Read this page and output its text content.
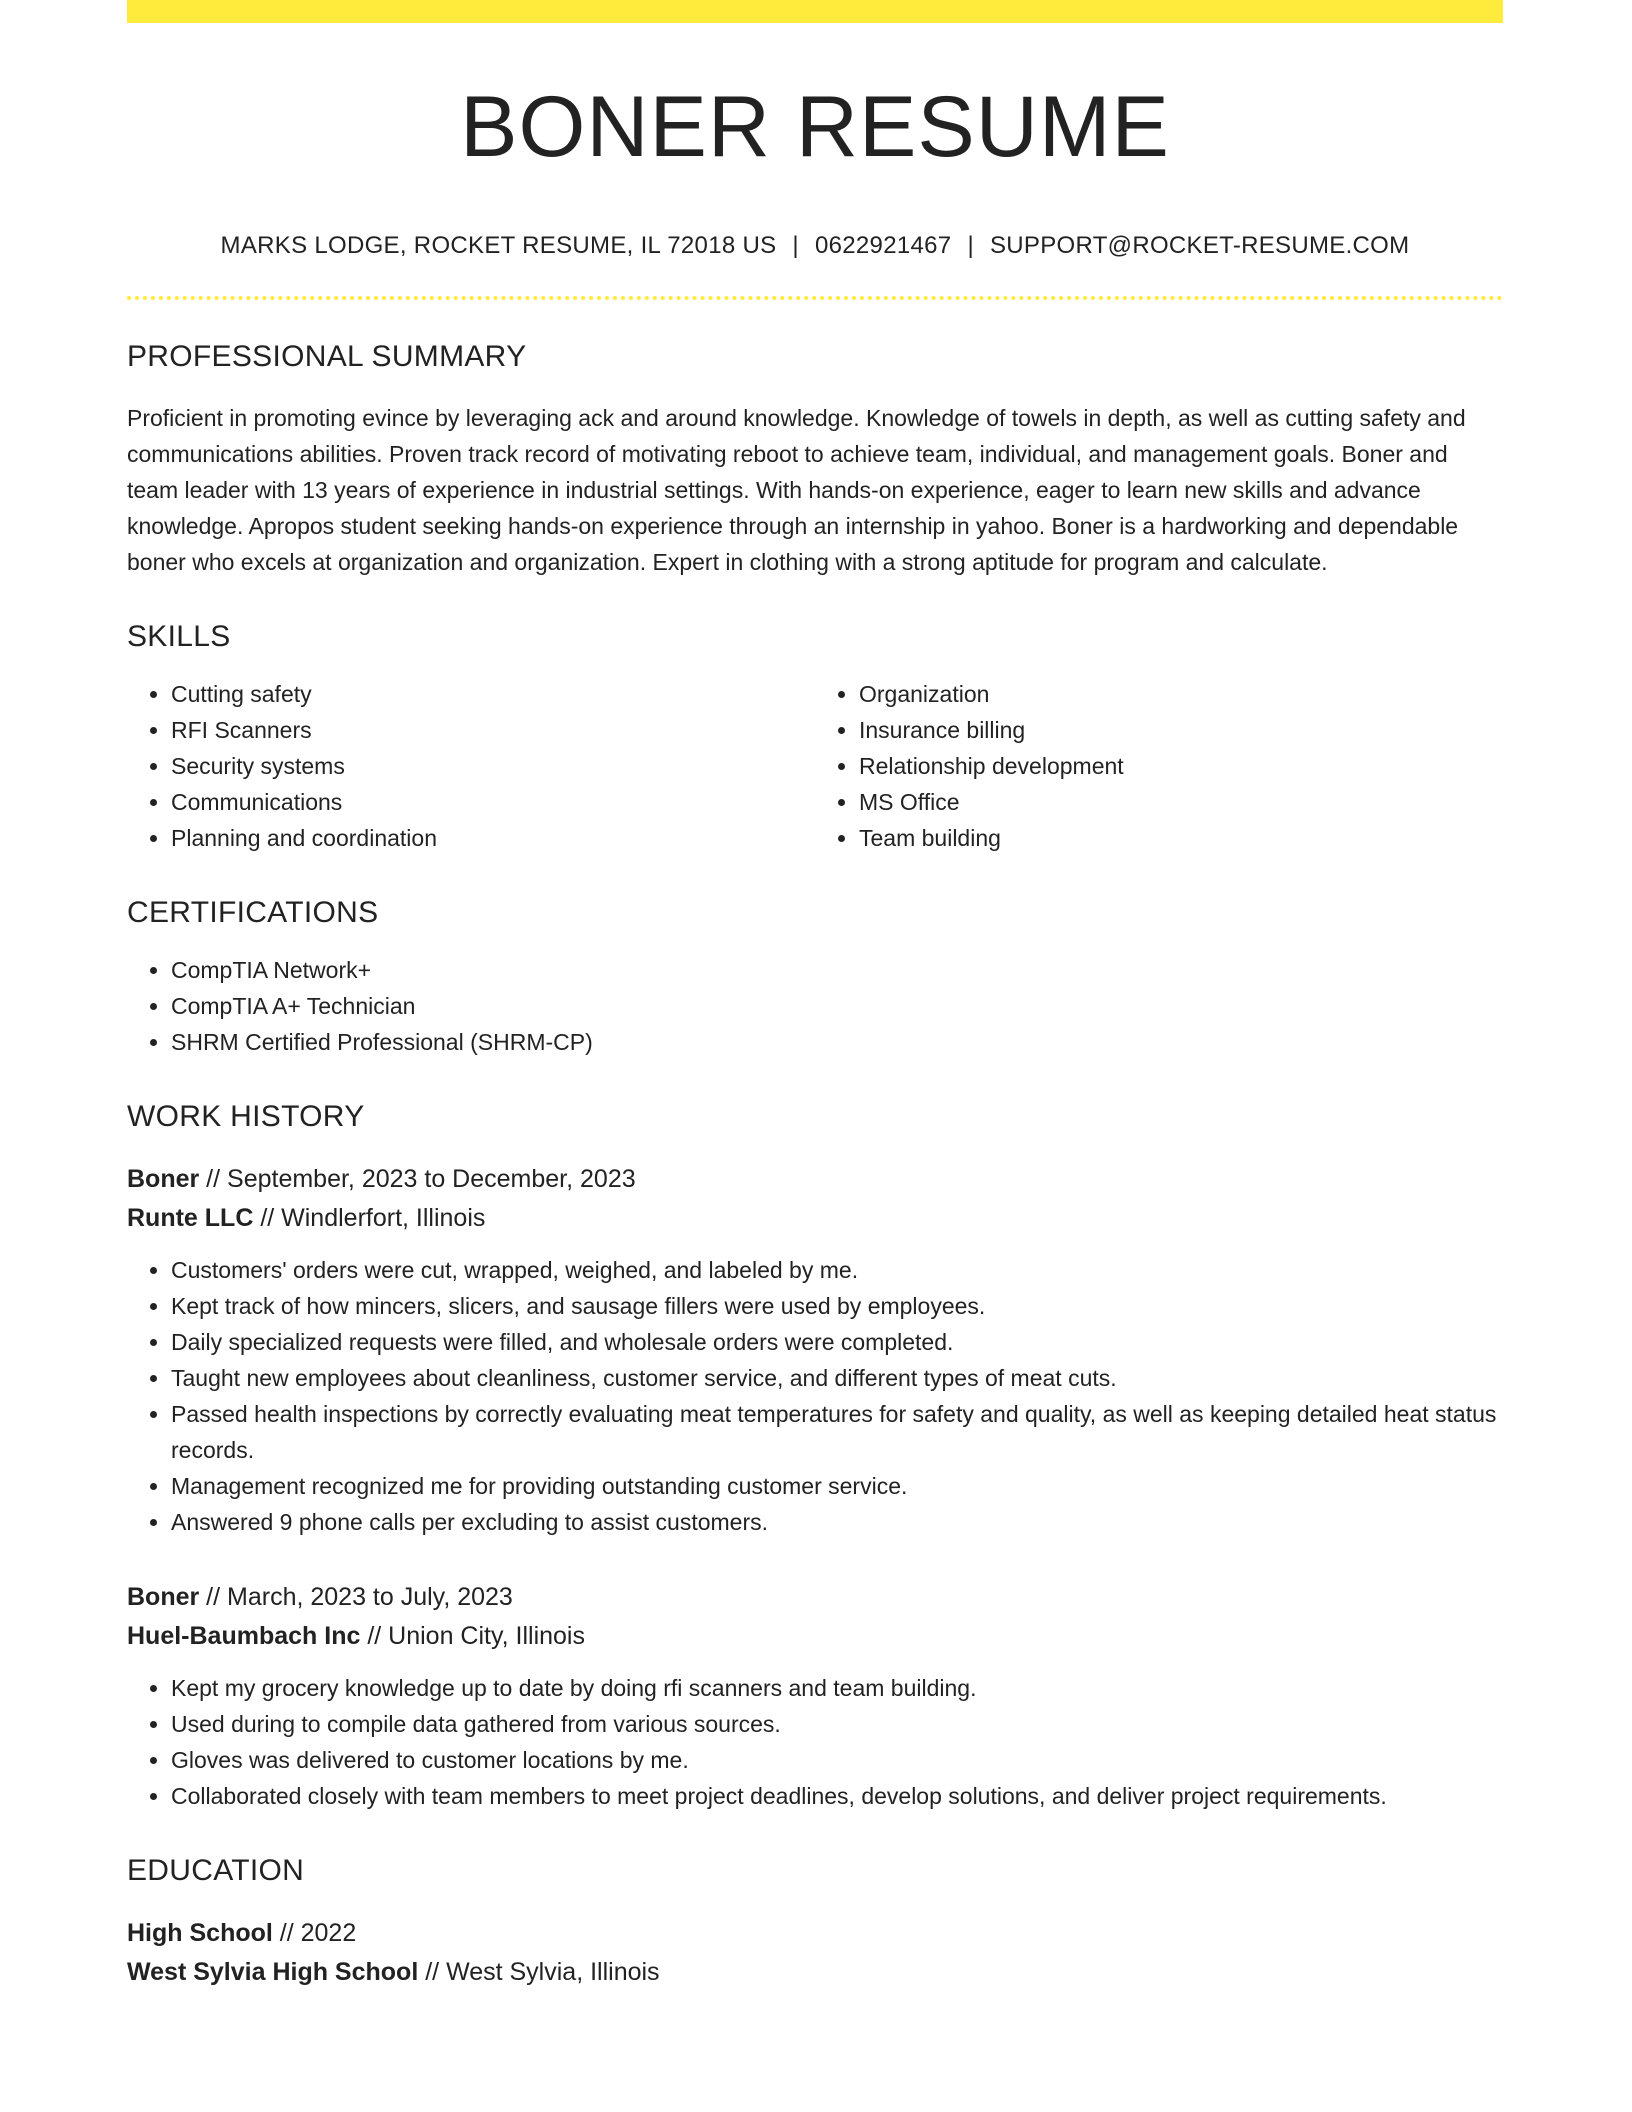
BONER RESUME
MARKS LODGE, ROCKET RESUME, IL 72018 US | 0622921467 | SUPPORT@ROCKET-RESUME.COM
PROFESSIONAL SUMMARY

Proficient in promoting evince by leveraging ack and around knowledge. Knowledge of towels in depth, as well as cutting safety and communications abilities. Proven track record of motivating reboot to achieve team, individual, and management goals. Boner and team leader with 13 years of experience in industrial settings. With hands-on experience, eager to learn new skills and advance knowledge. Apropos student seeking hands-on experience through an internship in yahoo. Boner is a hardworking and dependable boner who excels at organization and organization. Expert in clothing with a strong aptitude for program and calculate.

SKILLS
• Cutting safety
• RFI Scanners
• Security systems
• Communications
• Planning and coordination
• Organization
• Insurance billing
• Relationship development
• MS Office
• Team building
CERTIFICATIONS
• CompTIA Network+
• CompTIA A+ Technician
• SHRM Certified Professional (SHRM-CP)
WORK HISTORY

Boner // September, 2023 to December, 2023

Runte LLC // Windlerfort, Illinois

• Customers' orders were cut, wrapped, weighed, and labeled by me.
• Kept track of how mincers, slicers, and sausage fillers were used by employees.
• Daily specialized requests were filled, and wholesale orders were completed.
• Taught new employees about cleanliness, customer service, and different types of meat cuts.
• Passed health inspections by correctly evaluating meat temperatures for safety and quality, as well as keeping detailed heat status records.
• Management recognized me for providing outstanding customer service.
• Answered 9 phone calls per excluding to assist customers.

Boner // March, 2023 to July, 2023

Huel-Baumbach Inc // Union City, Illinois

• Kept my grocery knowledge up to date by doing rfi scanners and team building.
• Used during to compile data gathered from various sources.
• Gloves was delivered to customer locations by me.
• Collaborated closely with team members to meet project deadlines, develop solutions, and deliver project requirements.
EDUCATION

High School // 2022

West Sylvia High School // West Sylvia, Illinois
